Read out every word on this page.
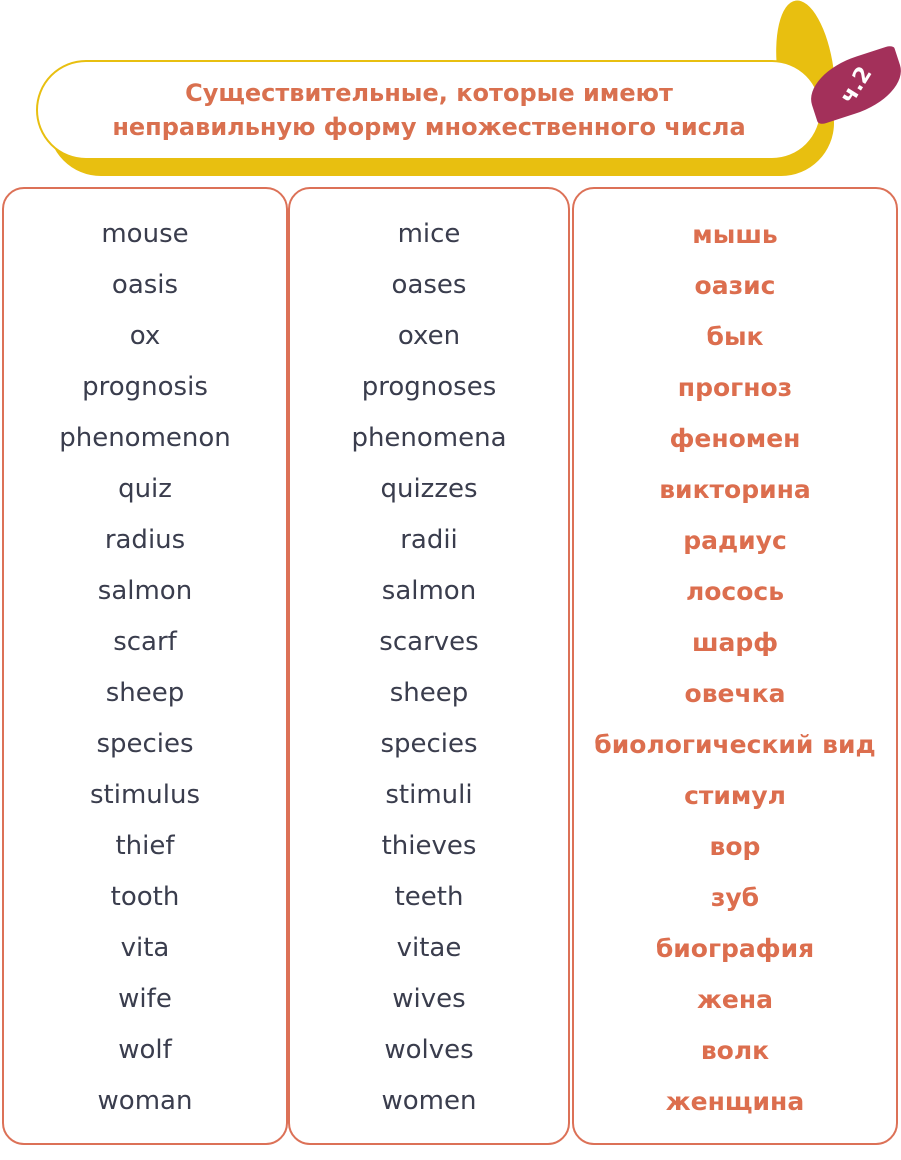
Существительные, которые имеют
неправильную форму множественного числа
ч.2
mouse
oasis
ox
prognosis
phenomenon
quiz
radius
salmon
scarf
sheep
species
stimulus
thief
tooth
vita
wife
wolf
woman
mice
oases
oxen
prognoses
phenomena
quizzes
radii
salmon
scarves
sheep
species
stimuli
thieves
teeth
vitae
wives
wolves
women
мышь
оазис
бык
прогноз
феномен
викторина
радиус
лосось
шарф
овечка
биологический вид
стимул
вор
зуб
биография
жена
волк
женщина
